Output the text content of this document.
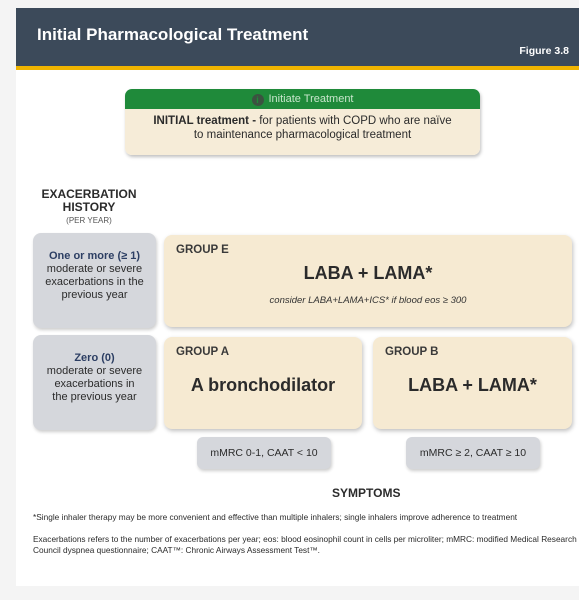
Initial Pharmacological Treatment
Figure 3.8
i Initiate Treatment
INITIAL treatment - for patients with COPD who are naïve
to maintenance pharmacological treatment
EXACERBATION
HISTORY
(PER YEAR)
One or more (≥ 1)
moderate or severe
exacerbations in the
previous year
Zero (0)
moderate or severe
exacerbations in
the previous year
GROUP E
LABA + LAMA*
consider LABA+LAMA+ICS* if blood eos ≥ 300
GROUP A
A bronchodilator
GROUP B
LABA + LAMA*
mMRC 0-1, CAAT < 10	mMRC ≥ 2, CAAT ≥ 10
SYMPTOMS
*Single inhaler therapy may be more convenient and effective than multiple inhalers; single inhalers improve adherence to treatment
Exacerbations refers to the number of exacerbations per year; eos: blood eosinophil count in cells per microliter; mMRC: modified Medical Research Council dyspnea questionnaire; CAAT™: Chronic Airways Assessment Test™.
